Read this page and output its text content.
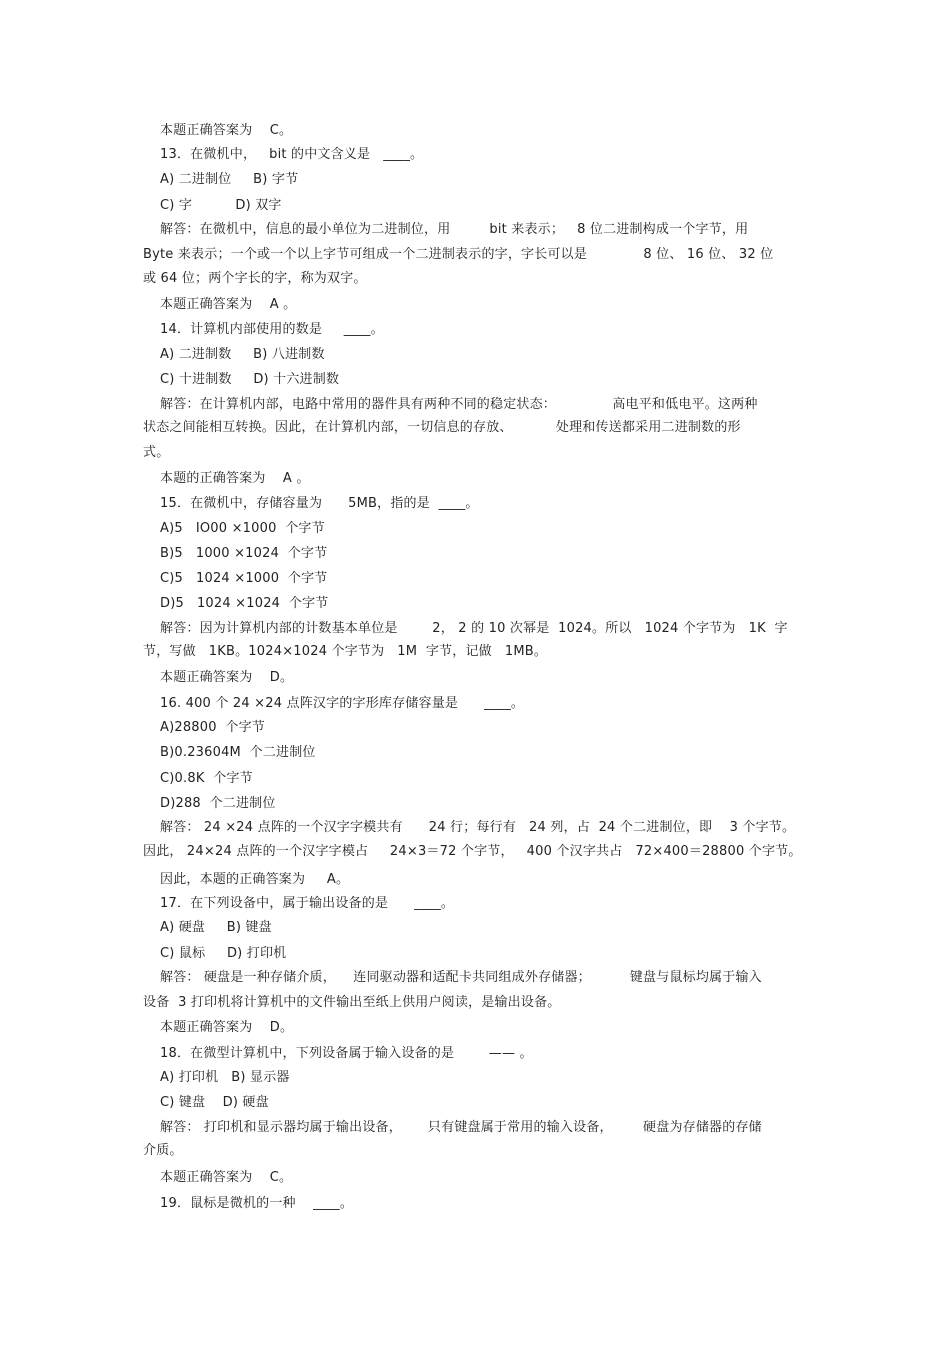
本题正确答案为    C。
13．在微机中，   bit 的中文含义是   ____。
A) 二进制位     B) 字节
C) 字          D) 双字
解答：在微机中，信息的最小单位为二进制位，用         bit 来表示；   8 位二进制构成一个字节，用
Byte 来表示；一个或一个以上字节可组成一个二进制表示的字，字长可以是             8 位、 16 位、 32 位
或 64 位；两个字长的字，称为双字。
本题正确答案为    A 。
14．计算机内部使用的数是     ____。
A) 二进制数     B) 八进制数
C) 十进制数     D) 十六进制数
解答：在计算机内部，电路中常用的器件具有两种不同的稳定状态：             高电平和低电平。这两种
状态之间能相互转换。因此，在计算机内部，一切信息的存放、          处理和传送都采用二进制数的形
式。
本题的正确答案为    A 。
15．在微机中，存储容量为      5MB，指的是  ____。
A)5   IO00 ×1000  个字节
B)5   1000 ×1024  个字节
C)5   1024 ×1000  个字节
D)5   1024 ×1024  个字节
解答：因为计算机内部的计数基本单位是        2， 2 的 10 次幂是  1024。所以   1024 个字节为   1K  字
节，写做   1KB。1024×1024 个字节为   1M  字节，记做   1MB。
本题正确答案为    D。
16. 400 个 24 ×24 点阵汉字的字形库存储容量是      ____。
A)28800  个字节
B)0.23604M  个二进制位
C)0.8K  个字节
D)288  个二进制位
解答： 24 ×24 点阵的一个汉字字模共有      24 行；每行有   24 列，占  24 个二进制位，即    3 个字节。
因此， 24×24 点阵的一个汉字字模占     24×3＝72 个字节，   400 个汉字共占   72×400＝28800 个字节。
因此，本题的正确答案为     A。
17．在下列设备中，属于输出设备的是      ____。
A) 硬盘     B) 键盘
C) 鼠标     D) 打印机
解答： 硬盘是一种存储介质，    连同驱动器和适配卡共同组成外存储器；         键盘与鼠标均属于输入
设备  3 打印机将计算机中的文件输出至纸上供用户阅读，是输出设备。
本题正确答案为    D。
18．在微型计算机中，下列设备属于输入设备的是        —— 。
A) 打印机   B) 显示器
C) 键盘    D) 硬盘
解答： 打印机和显示器均属于输出设备，      只有键盘属于常用的输入设备，       硬盘为存储器的存储
介质。
本题正确答案为    C。
19．鼠标是微机的一种    ____。
